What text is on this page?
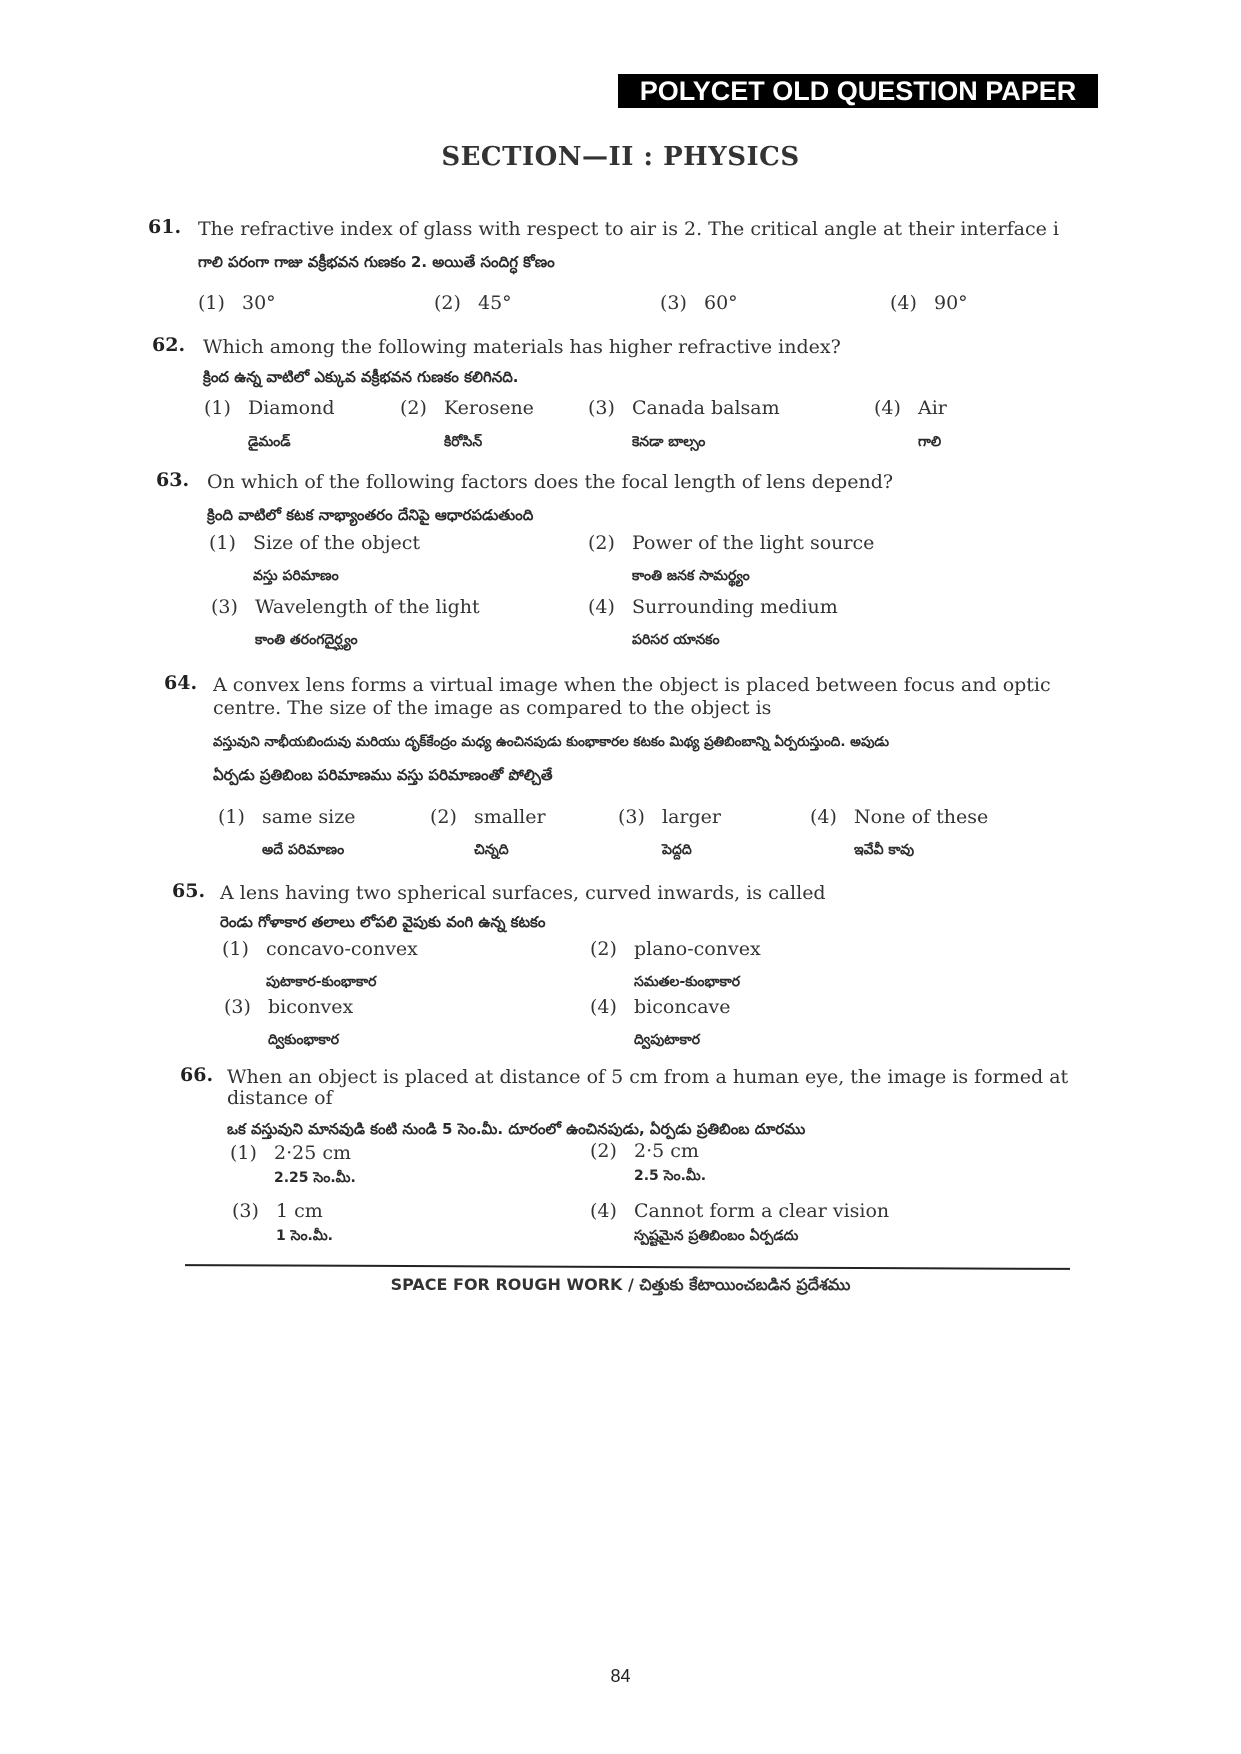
POLYCET OLD QUESTION PAPER
SECTION—II : PHYSICS
61. The refractive index of glass with respect to air is 2. The critical angle at their interface i
గాలి పరంగా గాజు వక్రీభవన గుణకం 2. అయితే సందిగ్ధ కోణం
(1) 30°	(2) 45°	(3) 60°	(4) 90°
62. Which among the following materials has higher refractive index?
క్రింద ఉన్న వాటిలో ఎక్కువ వక్రీభవన గుణకం కలిగినది.
(1) Diamond
డైమండ్
(2) Kerosene
కిరోసిన్
(3) Canada balsam
కెనడా బాల్సం
(4) Air
గాలి
63. On which of the following factors does the focal length of lens depend?
క్రింది వాటిలో కటక నాభ్యాంతరం దేనిపై ఆధారపడుతుంది
(1) Size of the object
వస్తు పరిమాణం
(2) Power of the light source
కాంతి జనక సామర్థ్యం
(3) Wavelength of the light
కాంతి తరంగదైర్ఘ్యం
(4) Surrounding medium
పరిసర యానకం
64. A convex lens forms a virtual image when the object is placed between focus and optic
centre. The size of the image as compared to the object is
వస్తువుని నాభీయబిందువు మరియు దృక్‌కేంద్రం మధ్య ఉంచినపుడు కుంభాకారల కటకం మిథ్య ప్రతిబింబాన్ని ఏర్పరుస్తుంది. అపుడు
ఏర్పడు ప్రతిబింబ పరిమాణము వస్తు పరిమాణంతో పోల్చితే
(1) same size
అదే పరిమాణం
(2) smaller
చిన్నది
(3) larger
పెద్దది
(4) None of these
ఇవేవీ కావు
65. A lens having two spherical surfaces, curved inwards, is called
రెండు గోళాకార తలాలు లోపలి వైపుకు వంగి ఉన్న కటకం
(1) concavo-convex
పుటాకార-కుంభాకార
(2) plano-convex
సమతల-కుంభాకార
(3) biconvex
ద్వికుంభాకార
(4) biconcave
ద్విపుటాకార
66. When an object is placed at distance of 5 cm from a human eye, the image is formed at
distance of
ఒక వస్తువుని మానవుడి కంటి నుండి 5 సెం.మీ. దూరంలో ఉంచినపుడు, ఏర్పడు ప్రతిబింబ దూరము
(1) 2·25 cm
2.25 సెం.మీ.
(2) 2·5 cm
2.5 సెం.మీ.
(3) 1 cm
1 సెం.మీ.
(4) Cannot form a clear vision
స్పష్టమైన ప్రతిబింబం ఏర్పడదు
SPACE FOR ROUGH WORK / చిత్తుకు కేటాయించబడిన ప్రదేశము
84
